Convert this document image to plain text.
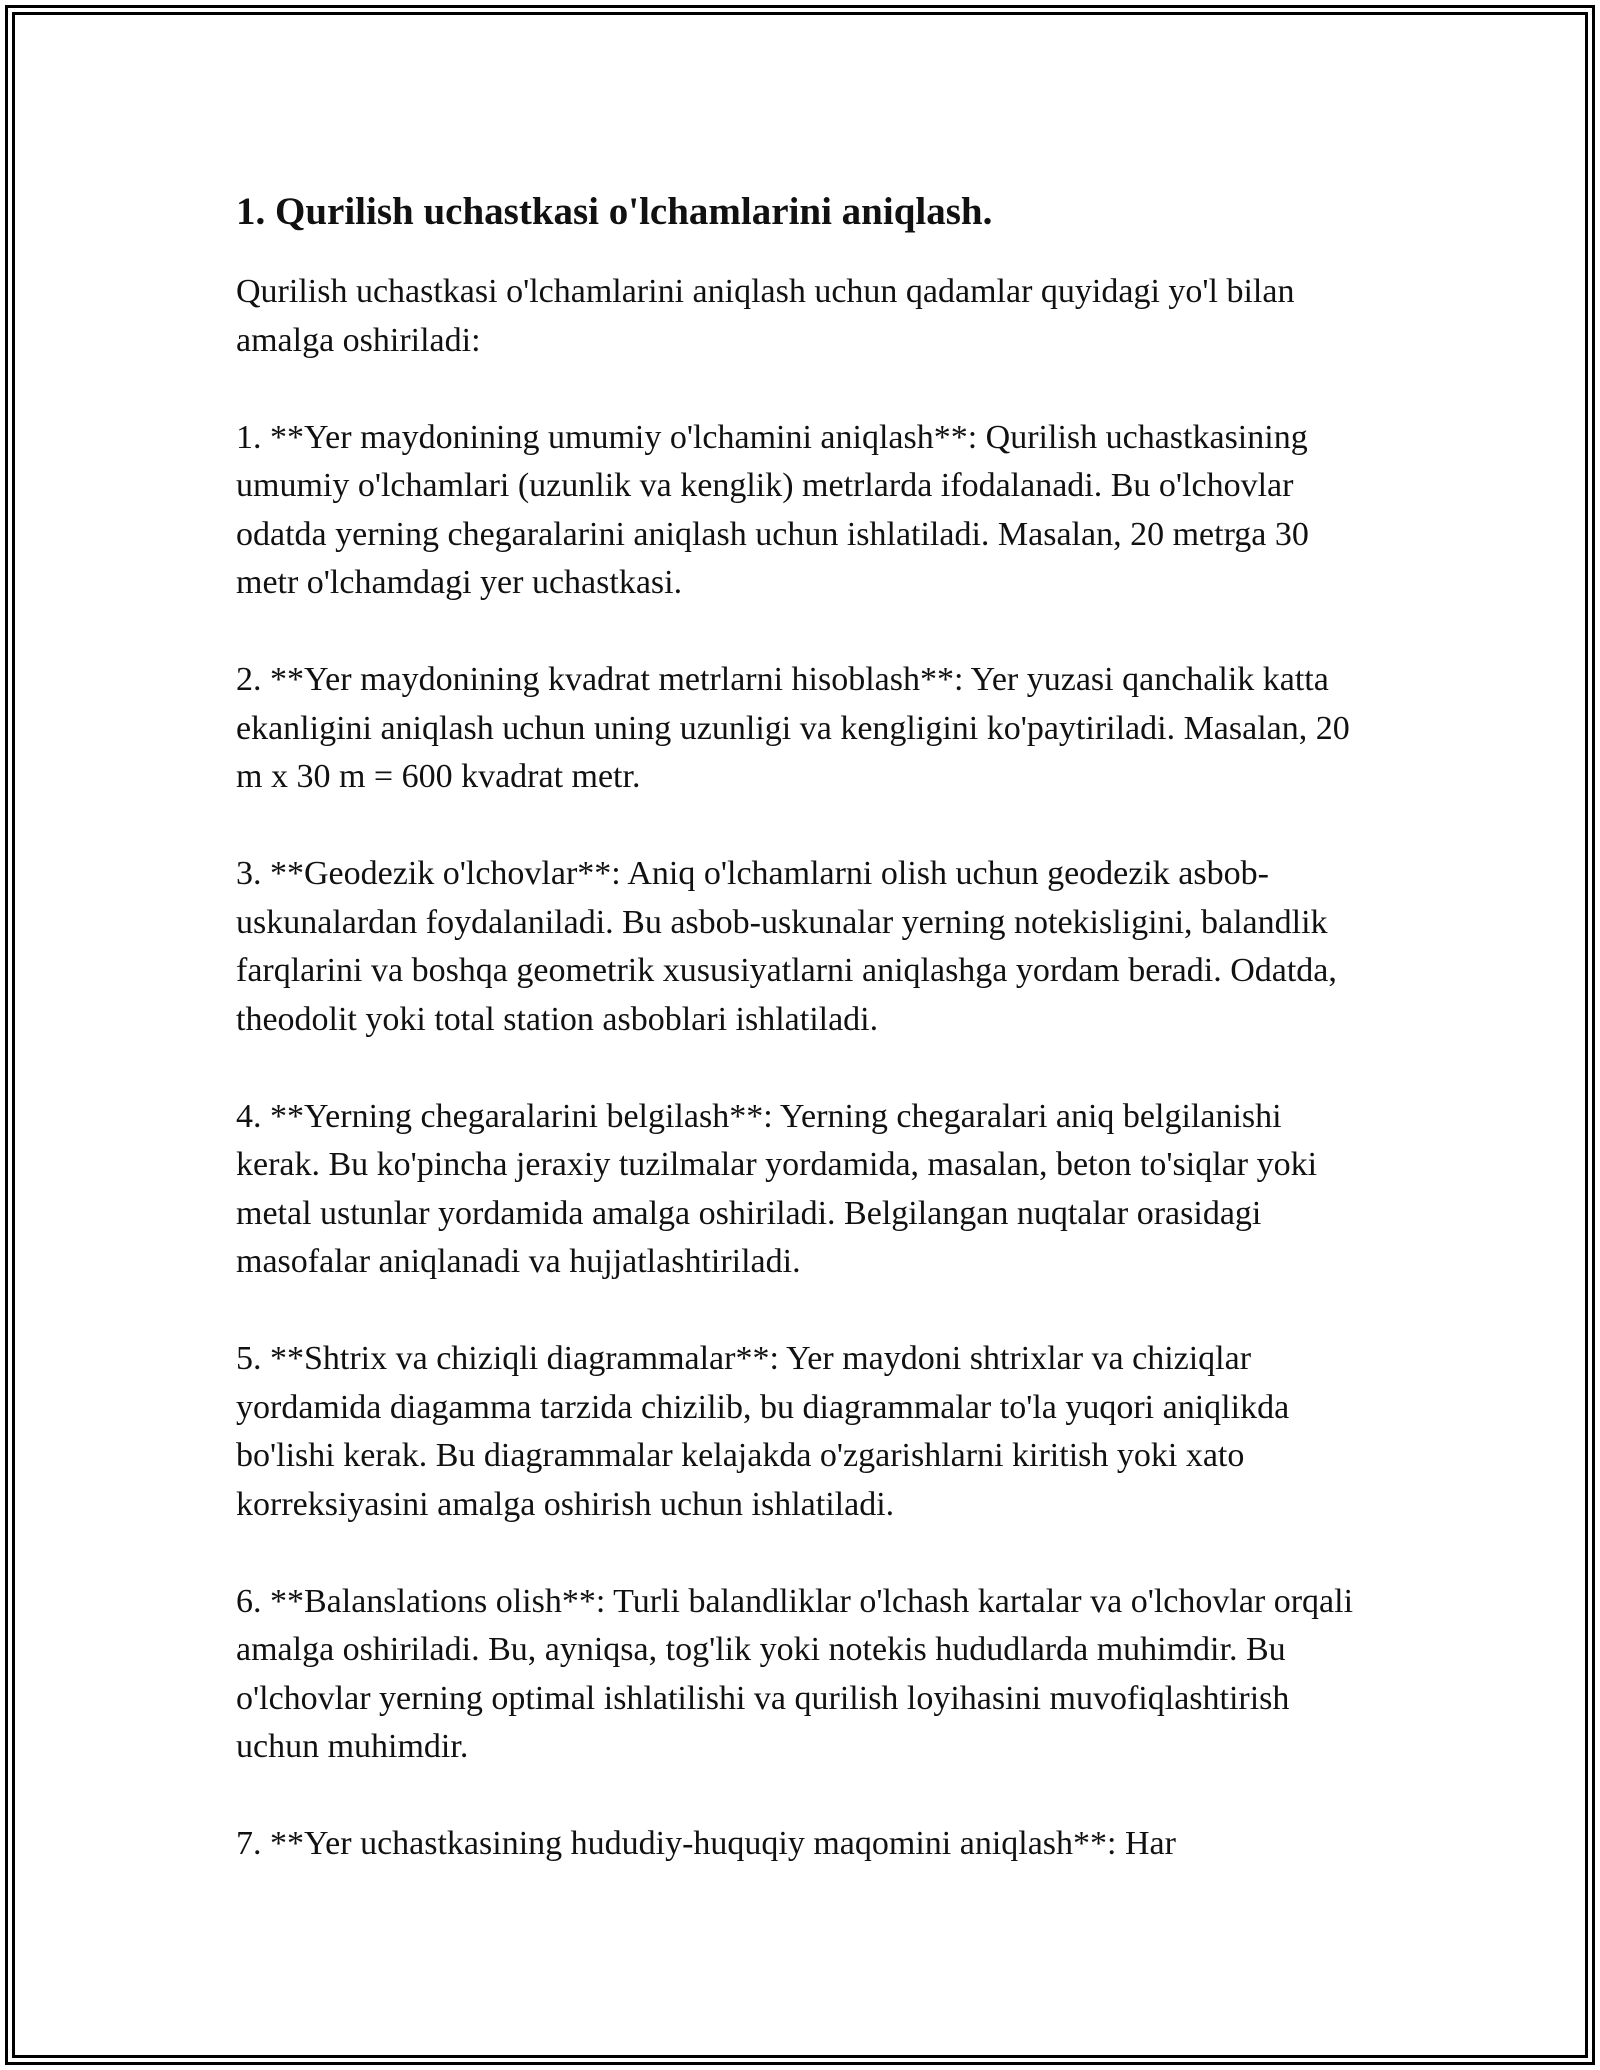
1. Qurilish uchastkasi o'lchamlarini aniqlash.

Qurilish uchastkasi o'lchamlarini aniqlash uchun qadamlar quyidagi yo'l bilan amalga oshiriladi:

1. **Yer maydonining umumiy o'lchamini aniqlash**: Qurilish uchastkasining umumiy o'lchamlari (uzunlik va kenglik) metrlarda ifodalanadi. Bu o'lchovlar odatda yerning chegaralarini aniqlash uchun ishlatiladi. Masalan, 20 metrga 30 metr o'lchamdagi yer uchastkasi.

2. **Yer maydonining kvadrat metrlarni hisoblash**: Yer yuzasi qanchalik katta ekanligini aniqlash uchun uning uzunligi va kengligini ko'paytiriladi. Masalan, 20 m x 30 m = 600 kvadrat metr.

3. **Geodezik o'lchovlar**: Aniq o'lchamlarni olish uchun geodezik asbob-uskunalardan foydalaniladi. Bu asbob-uskunalar yerning notekisligini, balandlik farqlarini va boshqa geometrik xususiyatlarni aniqlashga yordam beradi. Odatda, theodolit yoki total station asboblari ishlatiladi.

4. **Yerning chegaralarini belgilash**: Yerning chegaralari aniq belgilanishi kerak. Bu ko'pincha jeraxiy tuzilmalar yordamida, masalan, beton to'siqlar yoki metal ustunlar yordamida amalga oshiriladi. Belgilangan nuqtalar orasidagi masofalar aniqlanadi va hujjatlashtiriladi.

5. **Shtrix va chiziqli diagrammalar**: Yer maydoni shtrixlar va chiziqlar yordamida diagamma tarzida chizilib, bu diagrammalar to'la yuqori aniqlikda bo'lishi kerak. Bu diagrammalar kelajakda o'zgarishlarni kiritish yoki xato korreksiyasini amalga oshirish uchun ishlatiladi.

6. **Balanslations olish**: Turli balandliklar o'lchash kartalar va o'lchovlar orqali amalga oshiriladi. Bu, ayniqsa, tog'lik yoki notekis hududlarda muhimdir. Bu o'lchovlar yerning optimal ishlatilishi va qurilish loyihasini muvofiqlashtirish uchun muhimdir.

7. **Yer uchastkasining hududiy-huquqiy maqomini aniqlash**: Har
